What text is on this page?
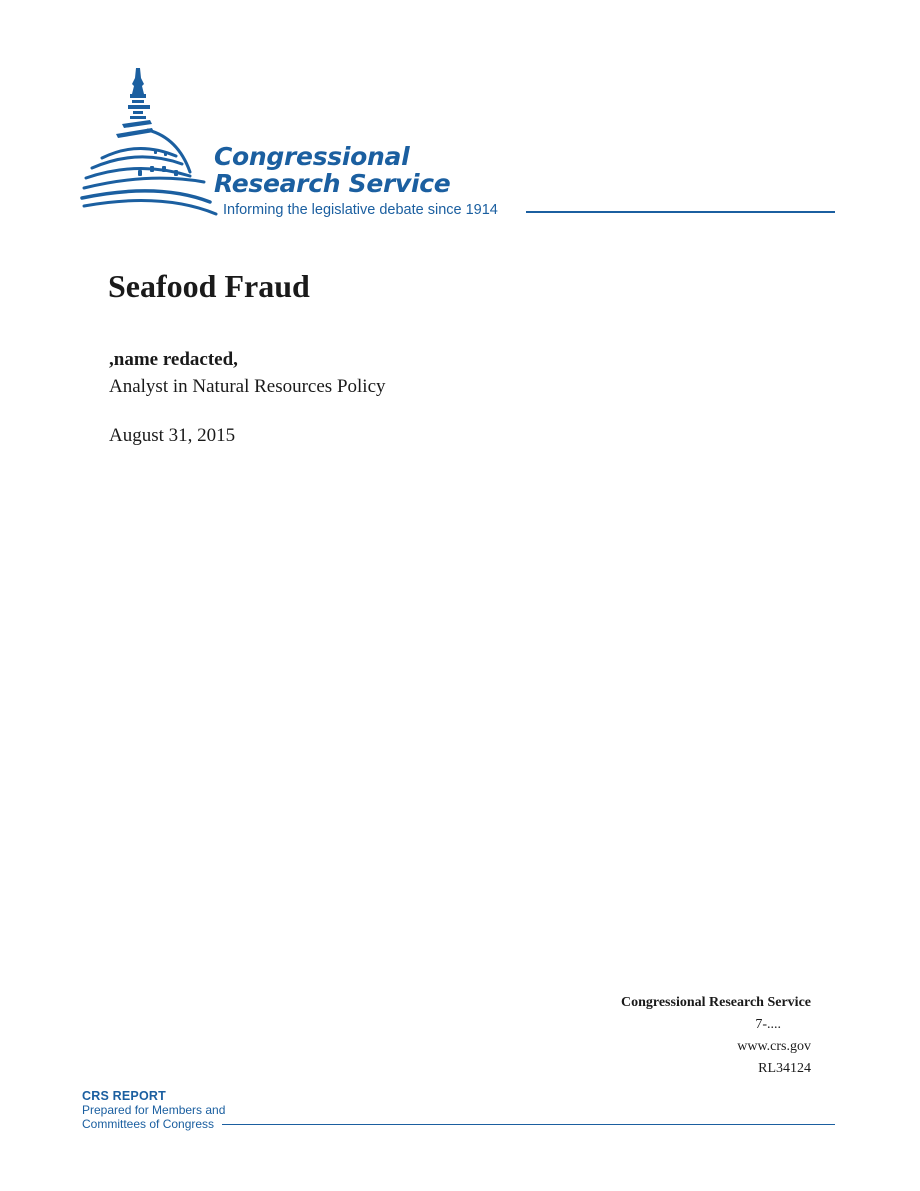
Congressional
Research Service
Informing the legislative debate since 1914
Seafood Fraud
,name redacted,
Analyst in Natural Resources Policy
August 31, 2015
Congressional Research Service
7-....
www.crs.gov
RL34124
CRS REPORT
Prepared for Members and
Committees of Congress
